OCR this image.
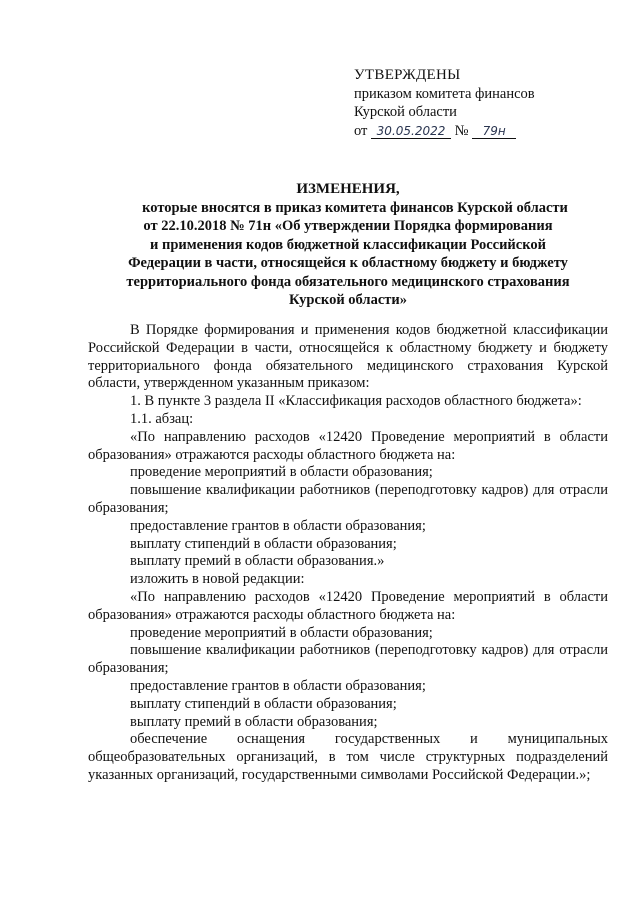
УТВЕРЖДЕНЫ
приказом комитета финансов
Курской области
от 30.05.2022 № 79н
ИЗМЕНЕНИЯ,
которые вносятся в приказ комитета финансов Курской области
от 22.10.2018 № 71н «Об утверждении Порядка формирования
и применения кодов бюджетной классификации Российской
Федерации в части, относящейся к областному бюджету и бюджету
территориального фонда обязательного медицинского страхования
Курской области»

В Порядке формирования и применения кодов бюджетной классификации Российской Федерации в части, относящейся к областному бюджету и бюджету территориального фонда обязательного медицинского страхования Курской области, утвержденном указанным приказом:

1. В пункте 3 раздела II «Классификация расходов областного бюджета»:

1.1. абзац:

«По направлению расходов «12420 Проведение мероприятий в области образования» отражаются расходы областного бюджета на:

проведение мероприятий в области образования;

повышение квалификации работников (переподготовку кадров) для отрасли образования;

предоставление грантов в области образования;

выплату стипендий в области образования;

выплату премий в области образования.»

изложить в новой редакции:

«По направлению расходов «12420 Проведение мероприятий в области образования» отражаются расходы областного бюджета на:

проведение мероприятий в области образования;

повышение квалификации работников (переподготовку кадров) для отрасли образования;

предоставление грантов в области образования;

выплату стипендий в области образования;

выплату премий в области образования;

обеспечение оснащения государственных и муниципальных общеобразовательных организаций, в том числе структурных подразделений указанных организаций, государственными символами Российской Федерации.»;
